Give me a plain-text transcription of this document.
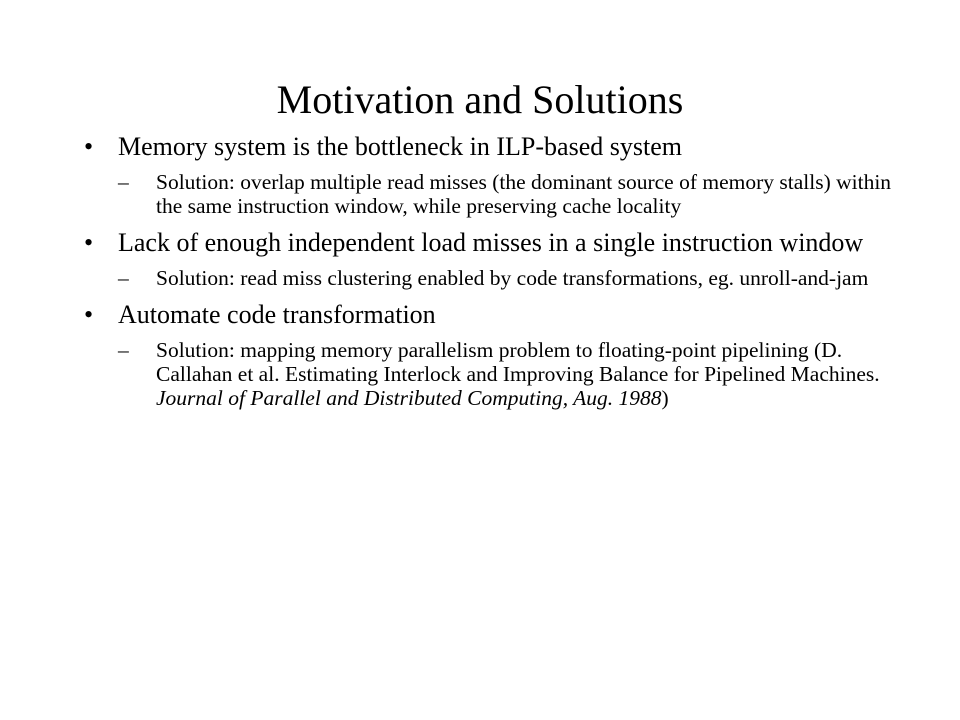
Motivation and Solutions
• Memory system is the bottleneck in ILP-based system
– Solution: overlap multiple read misses (the dominant source of memory stalls) within the same instruction window, while preserving cache locality
• Lack of enough independent load misses in a single instruction window
– Solution: read miss clustering enabled by code transformations, eg. unroll-and-jam
• Automate code transformation
– Solution: mapping memory parallelism problem to floating-point pipelining (D. Callahan et al. Estimating Interlock and Improving Balance for Pipelined Machines. Journal of Parallel and Distributed Computing, Aug. 1988)
